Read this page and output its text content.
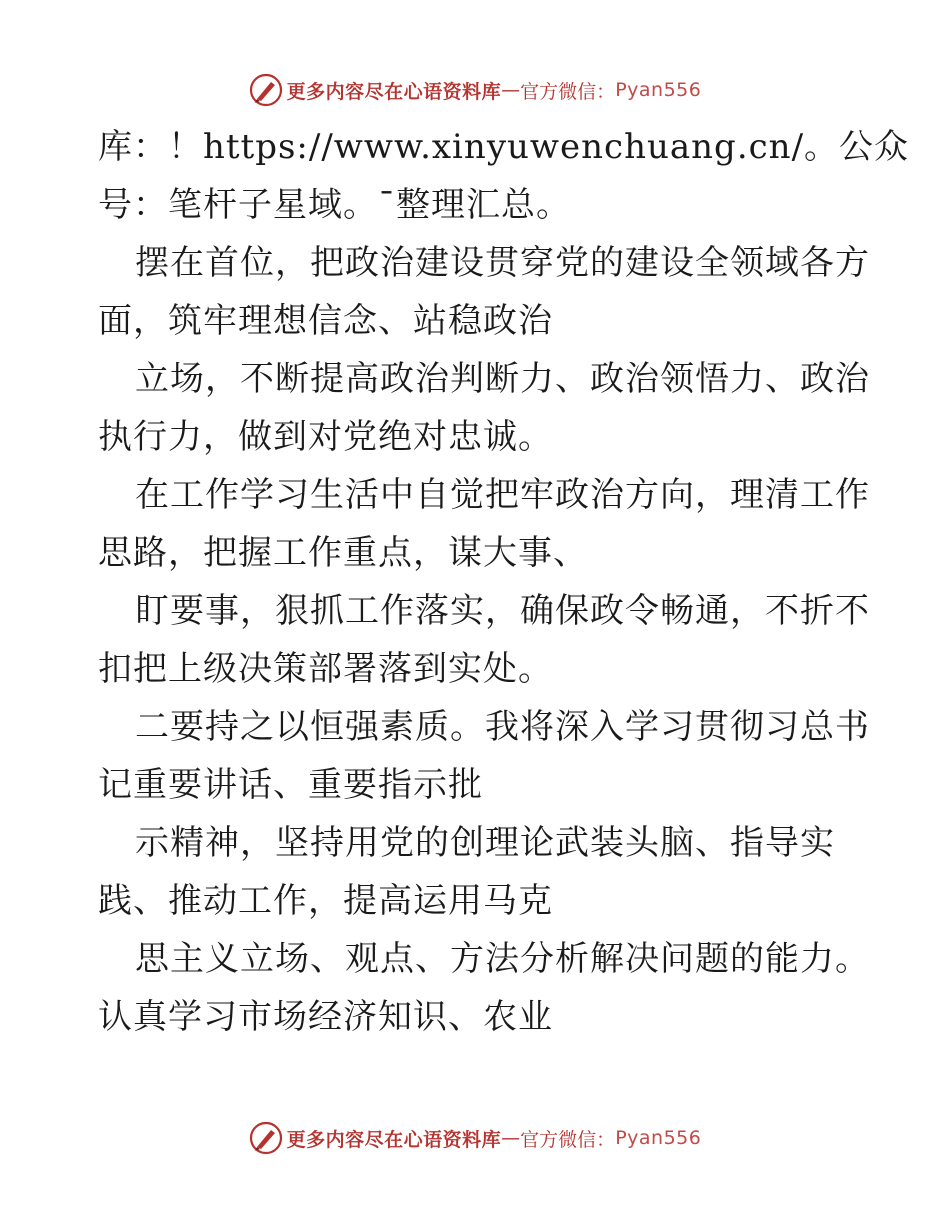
更多内容尽在心语资料库 — 官方微信： Pyan556
库：！https://www.xinyuwenchuang.cn/。公众
号：笔杆子星域。¯整理汇总。
摆在首位，把政治建设贯穿党的建设全领域各方
面，筑牢理想信念、站稳政治
立场，不断提高政治判断力、政治领悟力、政治
执行力，做到对党绝对忠诚。
在工作学习生活中自觉把牢政治方向，理清工作
思路，把握工作重点，谋大事、
盯要事，狠抓工作落实，确保政令畅通，不折不
扣把上级决策部署落到实处。
二要持之以恒强素质。我将深入学习贯彻习总书
记重要讲话、重要指示批
示精神，坚持用党的创理论武装头脑、指导实
践、推动工作，提高运用马克
思主义立场、观点、方法分析解决问题的能力。
认真学习市场经济知识、农业
更多内容尽在心语资料库 — 官方微信： Pyan556
